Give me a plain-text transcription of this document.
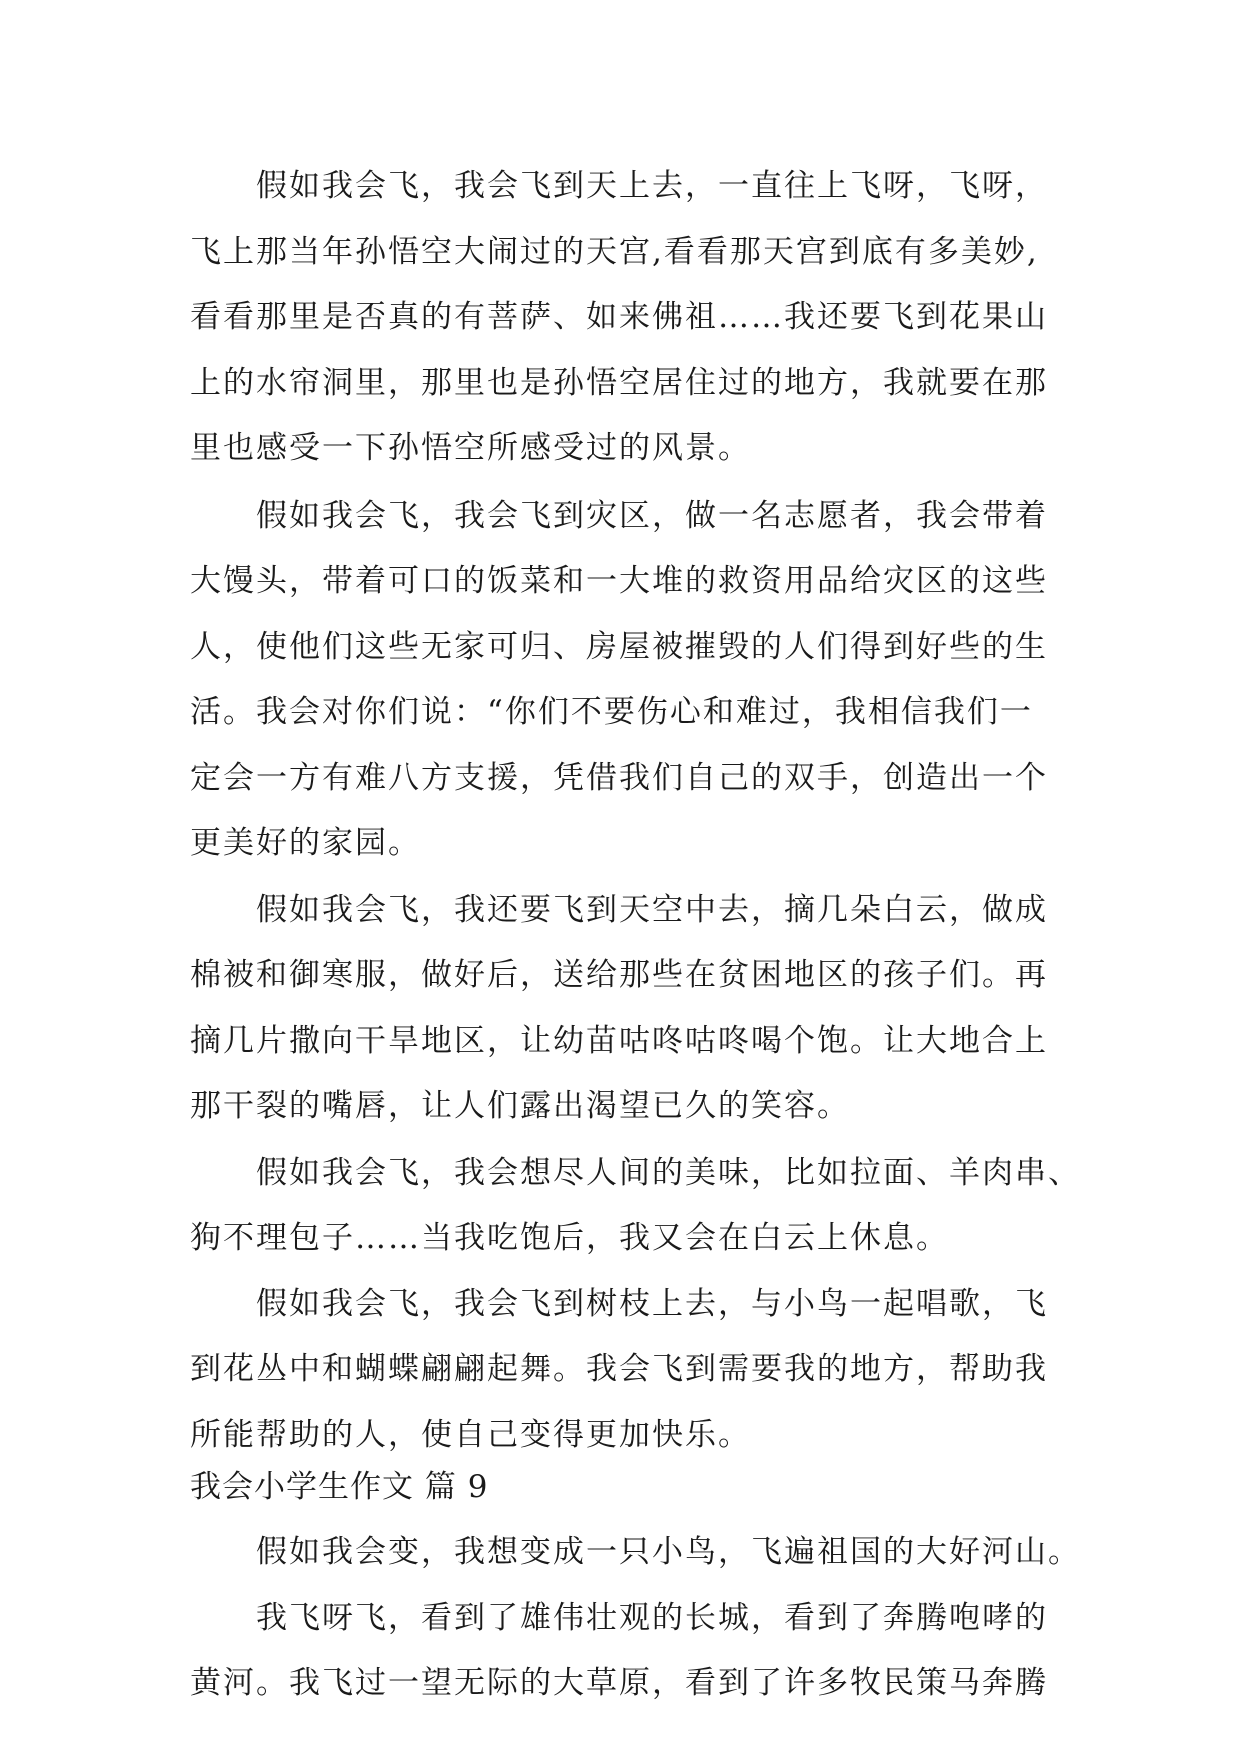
假如我会飞，我会飞到天上去，一直往上飞呀，飞呀，
飞上那当年孙悟空大闹过的天宫,看看那天宫到底有多美妙,
看看那里是否真的有菩萨、如来佛祖……我还要飞到花果山
上的水帘洞里，那里也是孙悟空居住过的地方，我就要在那
里也感受一下孙悟空所感受过的风景。
假如我会飞，我会飞到灾区，做一名志愿者，我会带着
大馒头，带着可口的饭菜和一大堆的救资用品给灾区的这些
人，使他们这些无家可归、房屋被摧毁的人们得到好些的生
活。我会对你们说：“你们不要伤心和难过，我相信我们一
定会一方有难八方支援，凭借我们自己的双手，创造出一个
更美好的家园。
假如我会飞，我还要飞到天空中去，摘几朵白云，做成
棉被和御寒服，做好后，送给那些在贫困地区的孩子们。再
摘几片撒向干旱地区，让幼苗咕咚咕咚喝个饱。让大地合上
那干裂的嘴唇，让人们露出渴望已久的笑容。
假如我会飞，我会想尽人间的美味，比如拉面、羊肉串、
狗不理包子……当我吃饱后，我又会在白云上休息。
假如我会飞，我会飞到树枝上去，与小鸟一起唱歌，飞
到花丛中和蝴蝶翩翩起舞。我会飞到需要我的地方，帮助我
所能帮助的人，使自己变得更加快乐。
我会小学生作文 篇 9
假如我会变，我想变成一只小鸟，飞遍祖国的大好河山。
我飞呀飞，看到了雄伟壮观的长城，看到了奔腾咆哮的
黄河。我飞过一望无际的大草原，看到了许多牧民策马奔腾
